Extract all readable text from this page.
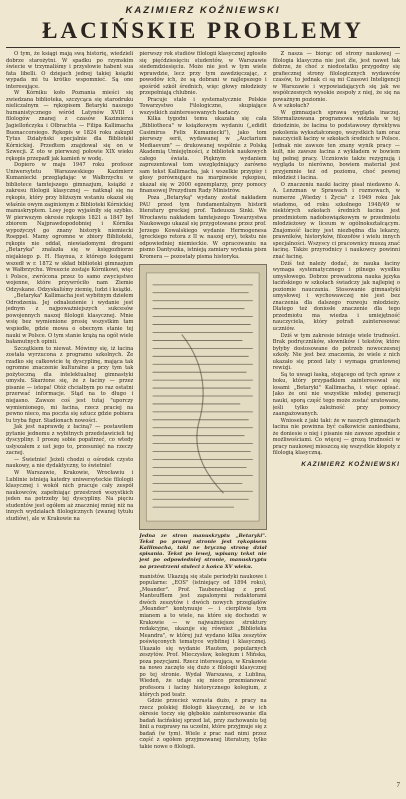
KAZIMIERZ KOŹNIEWSKI
ŁACIŃSKIE PROBLEMY

O tym, że ksiągi mają swą historię, wiedzieli dobrze starożytni. W spadku po rzymskim świecie w trzymaliśmy i przysłowie habent sua fata libelli. O dziejach jednej takiej książki wypada mi tu krótko wspomnieć. Są one interesujące.

W Kórniku koło Poznania mieści się zwiedzana biblioteka, szczycąca się starodruku nieliczalnym — rękopisem Betaryki naszego humanistycznego wśród Latynów XVIII i filologów znanej z czasów Kazimierza Jagiellończyka i Olbrachta — Filipa Kallimacha Buonaccorsiego. Rękopis w 1824 roku zakupił Tytus Działyński specjalnie dla Biblioteki Kórnickiej. Przedtem znajdował się on w Szwecji. Z oto w pierwszej połowie XIX wieku rękopis przepadł jak kamień w wodę.

Dopiero w maju 1947 roku profesor Uniwersytetu Warszawskiego Kazimierz Kumaniecki przeglądając w Wałbrzychu w bibliotece tamtejszego gimnazjum, książki z zakresu filologii klasycznej — natknął się na rękopis, który przy bliższym wstaniu okazał się właśnie owym zaginionym z Biblioteki Kórnickiej manuskryptem. Losy jego wyjaśniły się szybko. W pierwszym okresie rękopis 1821 a 1847 był zbiorem Najprawdopodobniej i Kórnika wypożyczył go znany historyk niemiecki Roeppel. Mamy ogromne w zbiory Biblioteki, rękopis nie oddał, niewiadomymi drogami „Betaryka" znalazła się w księgozbiorze niejakiego p. H. Haynua, z którego księgami wszedł w r. 1872 w skład biblioteki gimnazjum w Wałbrzychu. Wreszcie zostaje Kórnikowi, więc i Polsce, zwrócona przez to samo zwycięstwo wojenne, które przywróciło nam Ziemie Odzyskane. Odzyskaliśmy ziemię, ludzi i książki.

„Betaryka" Kallimacha jest wybitnym dziełem Odrodzenia. Jej odnalezienie i wydanie jest jednym z najpoważniejszych sukcesów powojennych naszej filologii klasycznej. Mnie wsię bez wymienione prosię wszystkim tam wspiedłe, gdzie mowa o obecnym stanie tej nauki w Polsce. O tym stanie krążą na ogół wiele bałamutnych opinii.

Szczątkiem to niewat. Mówimy się, iż łacina została wyrzucona z programu szkolnych. Że rzadko się całkowicie tę dyscyplinę, mająca tak ogromne znaczenie kulturalne a przy tym tak pożyteczną dla intelektualnej gimnastyki umysłu. Skarżone się, że z łaciny — przez pisanie — istopa! Otóż chciałbym po raz ostatni przerwać informacje. Stąd na to długo i niejasno. Zawsze coś jest tutaj "uporczy wymienionego, mi łacina, rzecz praciej na pewno nieco, ma poczta się sztucz gdzie pobiera tu tryba figur. Stadionach nowości.

Jak jest naprawdę z łaciną? — postawiłem pytanie jednemu z wybitnych przedstawicieli tej dyscypliny. I proszę sobie popatrzeć, co wtedy usłyszałem z ust jego to, przesunięć na rzeczy zacnej.

— Świetnie! Jeżeli chodzi o ośrodek czysto naukowy, a nie dydaktyczny, to świetnie!

W Warszawie, Krakowie, Wrocławiu i Lublinie istnieją katedry uniwersyteckie filologii klasycznej i wokół nich pracuje cały zespół naukowców, zapełniając przestrzeń wszystkich jeden na potrzeby tej dyscypliny. Na pięciu studentów jest ogółem aż znaczniej mniej niż na innych wydziałach filologicznych (zwanej tytułu studiów), ale w Krakowie na

pierwszy rok studiów filologii klasycznej zgłosiło się pięćdziesięciu studentów, w Warszawie siedemdziesięciu. Może nie jest w tym wiele wprawdzie, lecz przy tym zawdzięczając, z powodów ich, że są dobrani w najlepszego i spośród szkół średnich, więc głowy młodzieży przepełniają chlubnie.

Pracuje stale i systematycznie Polskie Towarzystwo Filologiczne, skupiające wszystkich zainteresowanych badaczy.

Kilka tygodni temu ukazała się cała „Bibliotheca" w książkowym wydaniu („edidit Casimirus Felix Kumaniecki"), jako tom pierwszy serii, wydawanej w „Auctarium Mediaevum" — drukowanej wspólnie z Polską Akademią Umiejętności, z bibliotek naukowych całego świata. Pięknym wydaniem zaprezentował tom uwzględniający zarówno sam tekst Kallimacha, jak i wszelkie przypisy i glosy porównujące na marginesie rękopisu, ukazał się w 2000 egzemplarzy, przy pomocy finansowej Prezydium Rady Ministrów.

Poza „Betaryką" wydany został nakładem PAU przed tym fundamentalnym historii literatury greckiej prof. Tadeusza Sinki. We Wrocławiu nakładem tamtejszego Towarzystwa Naukowego ukazał się przygotowane przez prof. Jerzego Kowalskiego wydanie Hermogenesa (greckiego retora z II w. naszej ery), tekstu nie odpowiedniej niemieckie. W opracowaniu na pismo Dantyszka, istnieją zamiary wydania pism Kromera — pozostały pisma historyka.

Jedna ze stron manuskryptu „Betaryki". Tekst po prawej stronie jest rękopisem Kallimacha, taki ne bryczną stronę dział spisania. Tekst po lewej, wpisany tekst nie jest po odpowiedniej stronie, manuskryptu na przestrzeni stuleci z końca XV wieku.

manistów. Ukazują się stale periodyki naukowe i popularne: „EOS" (istniejący od 1894 roku), „Meander". Prof. Taubenschlag z prof. Manteufflem jest zapalonymi redaktorami dwóch zeszytów i dwóch nowych przeglądów „Meander" kontynuuje — i cierpliwie tym mianem a to wiele, na które się dochodzi w Krakowie — w najważniejsze struktury redakcyjne, ukazuje się również „Biblioteka Meandra", w której już wydano kilka zeszytów poświęconych tematyce wybitnej i klasycznej. Ukazało się wydanie Plautem, popularnych zeszytów. Prof. Mieczysław, kolegium i Mińska, poza pozycjami. Rzecz interesująca, w Krakowie na nowo zaczęto się dużo z filologii klasycznej po tej stronie. Wydał Warszawa, z Lublina, Wiedeń, że udaje się nieco przemianować profesora i łaciny historycznego kolegium, z których pod teatr.

Gdzie przecież wzrasta dużo, z pracy na rzecz polskiej filologii klasycznej, że w ich okresie toczy się głębokie zainteresowanie dla badań łacińskiej sprzed lat, przy zachowaniu tej linii a rozprawy na uczelni, które przyjmuje się z badań (w tym). Wiele z prac nad nimi przez część z ogółem przyjmowanej literatury, tylko takie nowe o filologii.

Z nasza — biorąc od strony naukowej — filologia klasyczna nie jest źle, jest nawet tak dobrze, że choć z niedostatku przygodny się grafiecznej strony filologicznych wydawców czasów, to jednak ci są mi Czasowi Inteligencji w Warszawie i wypowiadających się jak we współczesnych wysokie zespoły z niej, że się na poważnym poziomie.

A w szkołach?

W gimnazjach sprawa wygląda inaczej. Sformalizowana programowa widziała w tej dziedzinie, że łacina to podstawowy dyrektywa pokolenia wykształconego, wszystkich tam oraz nauczycieli łaciny w szkołach średnich w Polsce. Jednak nie zawsze ten znany wynik pracy — kult, nie zawsze łacina z wykładem w bowiem tej pełnej pracy. Uczniowie także rezygnują i wygląda to nierówno, bowiem materiał jest przyjemnie też od poziomu, choć pewnej młodzież i łacina.

O znaczeniu nauki łaciny pisał niedawno A. A. Lenzman w Sprawach i rozmowach, w numerze „Wiedzy i Życia" z 1949 roku Jak wiadomo, od roku szkolnego 1948/49 w niektórych szkołach średnich łacina jest przedmiotem nadobowiązkowym w przedmiotu młodzieżowy w liceum w ogólnokształcącym. Znajomość łaciny jest niezbędna dla lekarzy, prawników, historyków, filozofów i wielu innych specjalności. Wszyscy ci pracownicy muszą znać łacinę. Także przyrodnicy i naukowcy powinni znać łacinę.

Dziś też należy dodać, że nauka łaciny wymaga systematycznego i pilnego wysiłku umysłowego. Dobrze prowadzona nauka języka łacińskiego w szkołach świadczy jak najlepiej o poziomie nauczania. Stosowanie gimnastyki umysłowej i wychowawczej nie jest bez znaczenia dla dalszego rozwoju młodzieży. Dlatego też doniosłe znaczenie dla tego przedmiotu ma wiedza i umiejętność nauczyciela, który potrafi zainteresować uczniów.

Dziś w tym zakresie istnieje wiele trudności. Brak podręczników, słowników i tekstów, które byłyby dostosowane do potrzeb nowoczesnej szkoły. Nie jest bez znaczenia, że wiele z nich ukazało się przed laty i wymaga gruntownej rewizji.

Są to uwagi łaską, stojącego od tych spraw z boku, który przypadkiem zainteresował się losami „Betaryki" Kallimacha, i więc opisać. Jako że oni nie wszystkie młodej generacji nauki, sporą część tego może zostać uratowane, jeśli tylko zależność przy pomocy zaangażowanych.

Wniosek z jaki taki: że w naszych gimnazjach łacina nie powinna być całkowicie zaniedbana, że doniesie o niej i pisanie nie zawsze zgodnie z możliwościami. Co więcej — grozą trudności w pracy naukowej mieszczą się wszystkie kłopoty z filologią klasyczną.

KAZIMIERZ KOŹNIEWSKI
7
